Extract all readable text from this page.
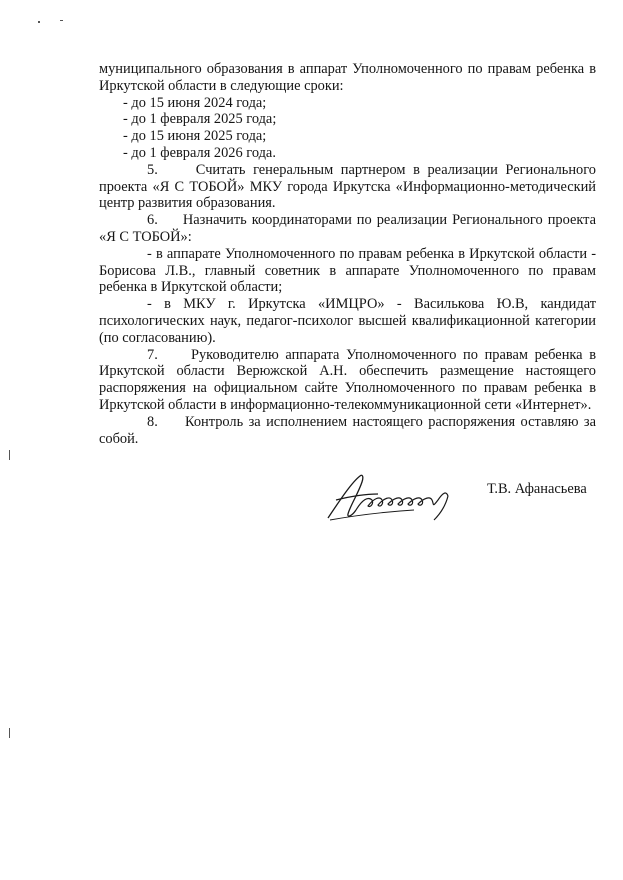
муниципального образования в аппарат Уполномоченного по правам ребенка в Иркутской области в следующие сроки:

- до 15 июня 2024 года;

- до 1 февраля 2025 года;

- до 15 июня 2025 года;

- до 1 февраля 2026 года.

5.     Считать генеральным партнером в реализации Регионального проекта «Я С ТОБОЙ» МКУ города Иркутска «Информационно-методический центр развития образования.

6.     Назначить координаторами по реализации Регионального проекта «Я С ТОБОЙ»:

- в аппарате Уполномоченного по правам ребенка в Иркутской области - Борисова Л.В., главный советник в аппарате Уполномоченного по правам ребенка в Иркутской области;

- в МКУ г. Иркутска «ИМЦРО» - Василькова Ю.В, кандидат психологических наук, педагог-психолог высшей квалификационной категории (по согласованию).

7.     Руководителю аппарата Уполномоченного по правам ребенка в Иркутской области Верюжской А.Н. обеспечить размещение настоящего распоряжения на официальном сайте Уполномоченного по правам ребенка в Иркутской области в информационно-телекоммуникационной сети «Интернет».

8.     Контроль за исполнением настоящего распоряжения оставляю за собой.

Т.В. Афанасьева
